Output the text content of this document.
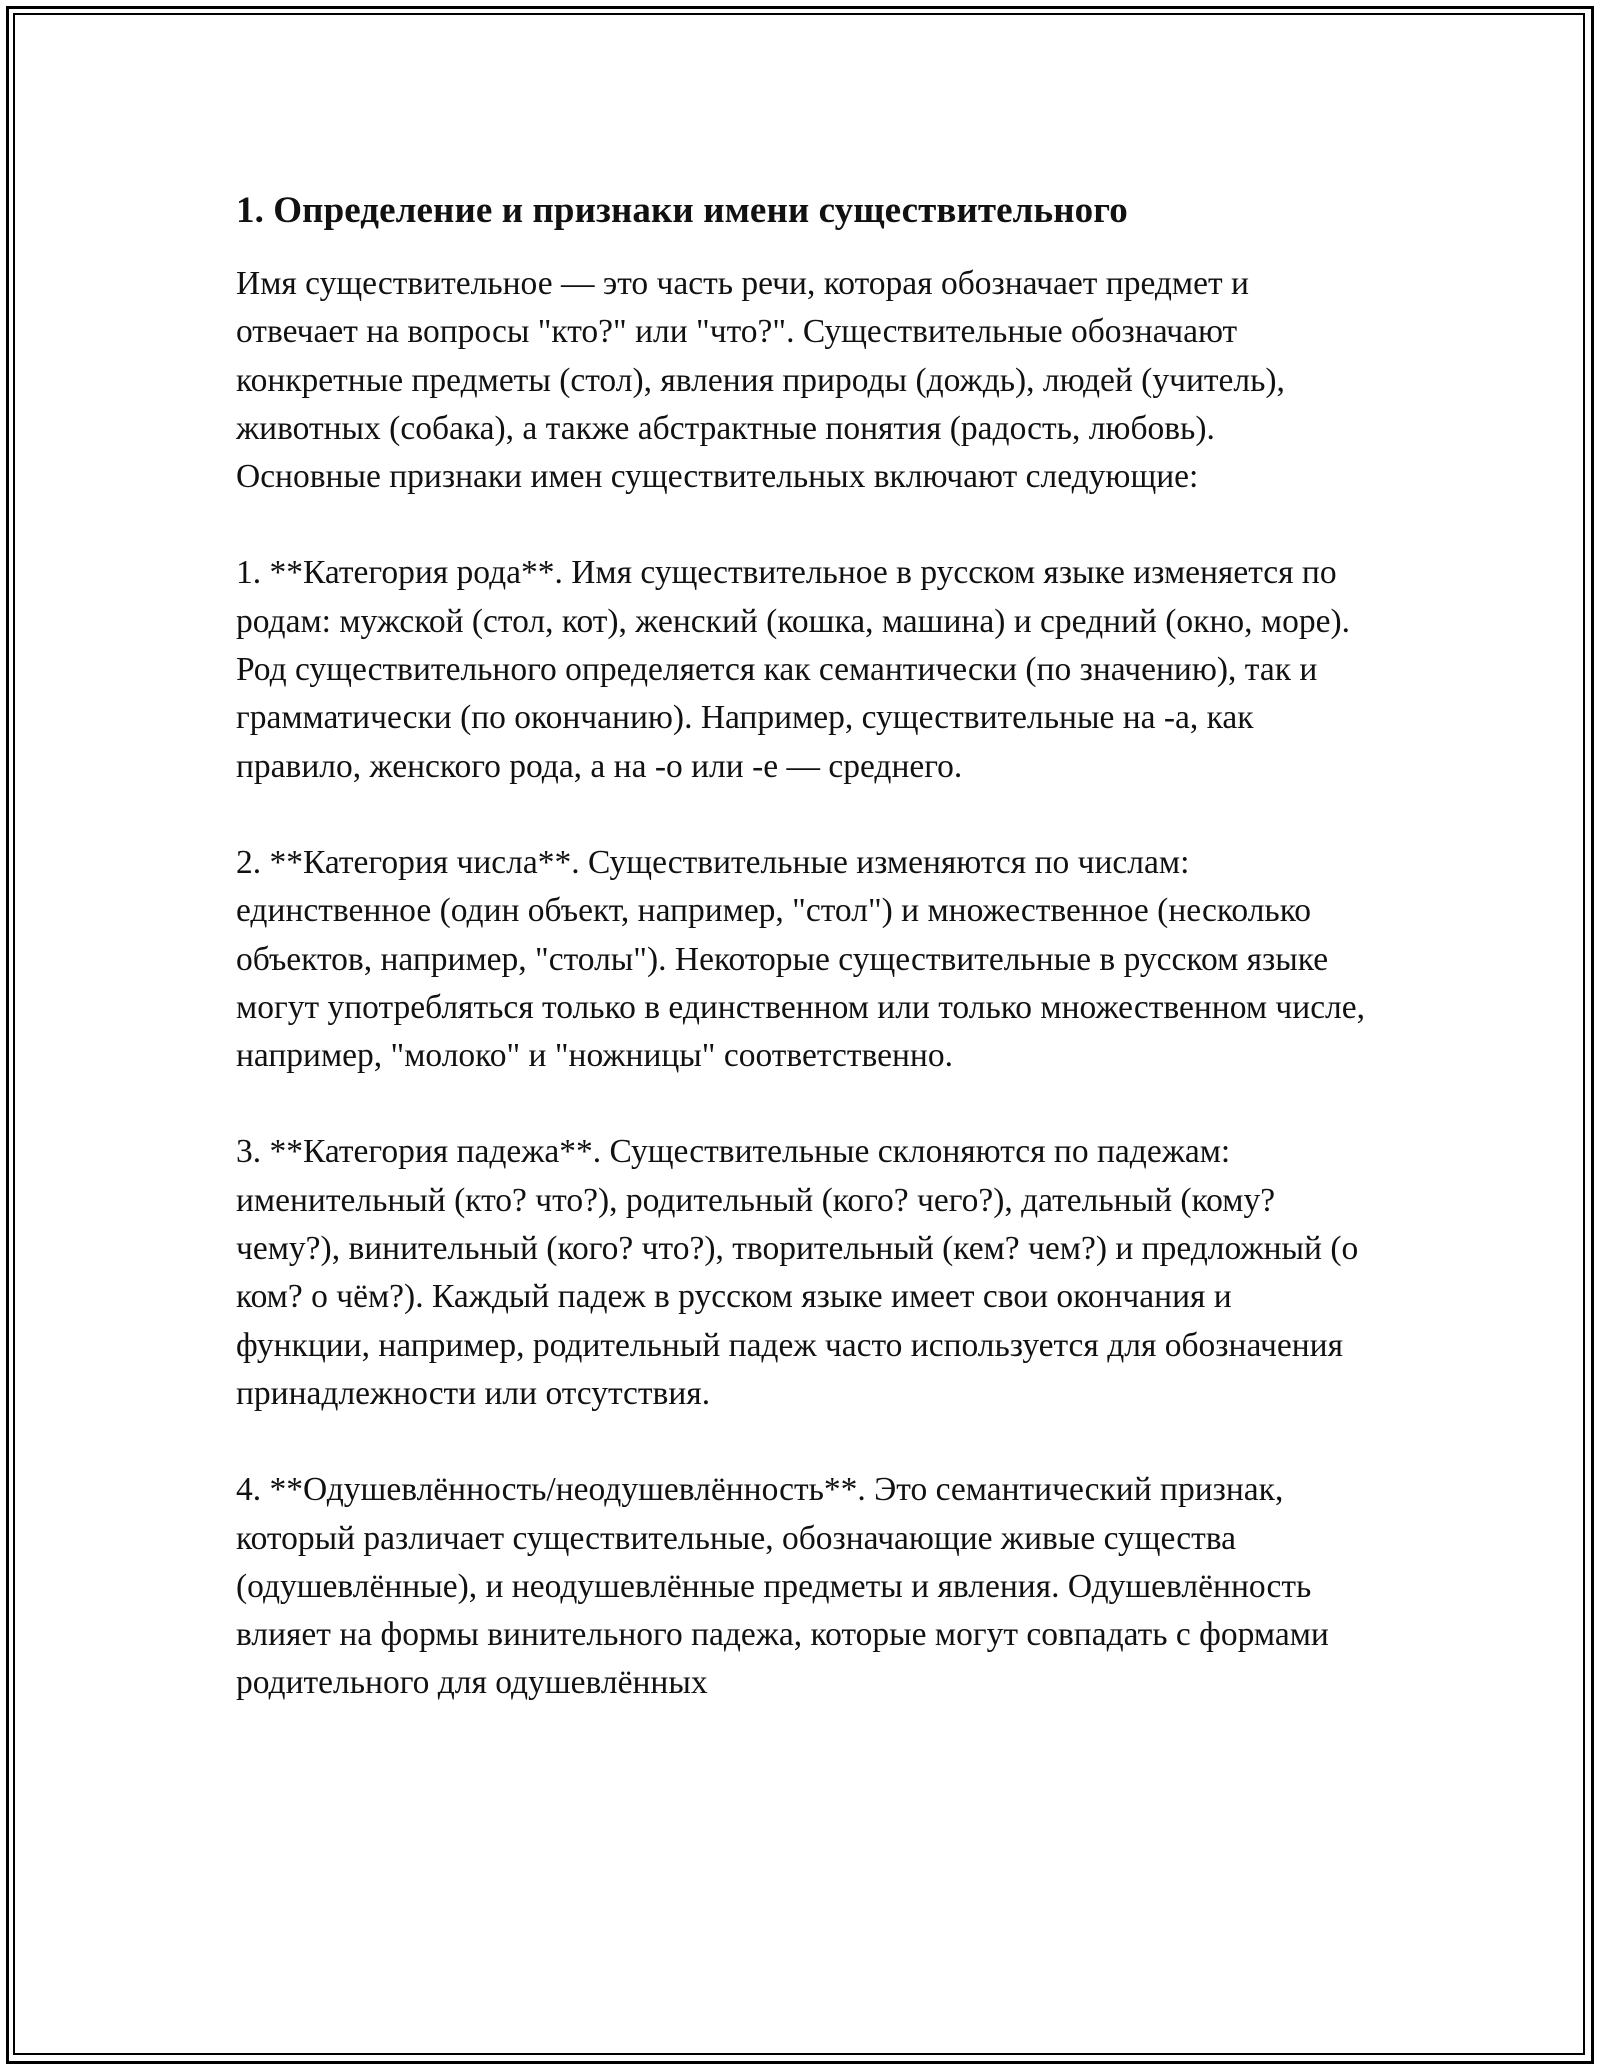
1. Определение и признаки имени существительного

Имя существительное — это часть речи, которая обозначает предмет и отвечает на вопросы "кто?" или "что?". Существительные обозначают конкретные предметы (стол), явления природы (дождь), людей (учитель), животных (собака), а также абстрактные понятия (радость, любовь). Основные признаки имен существительных включают следующие:

1. **Категория рода**. Имя существительное в русском языке изменяется по родам: мужской (стол, кот), женский (кошка, машина) и средний (окно, море). Род существительного определяется как семантически (по значению), так и грамматически (по окончанию). Например, существительные на -а, как правило, женского рода, а на -о или -е — среднего.

2. **Категория числа**. Существительные изменяются по числам: единственное (один объект, например, "стол") и множественное (несколько объектов, например, "столы"). Некоторые существительные в русском языке могут употребляться только в единственном или только множественном числе, например, "молоко" и "ножницы" соответственно.

3. **Категория падежа**. Существительные склоняются по падежам: именительный (кто? что?), родительный (кого? чего?), дательный (кому? чему?), винительный (кого? что?), творительный (кем? чем?) и предложный (о ком? о чём?). Каждый падеж в русском языке имеет свои окончания и функции, например, родительный падеж часто используется для обозначения принадлежности или отсутствия.

4. **Одушевлённость/неодушевлённость**. Это семантический признак, который различает существительные, обозначающие живые существа (одушевлённые), и неодушевлённые предметы и явления. Одушевлённость влияет на формы винительного падежа, которые могут совпадать с формами родительного для одушевлённых
